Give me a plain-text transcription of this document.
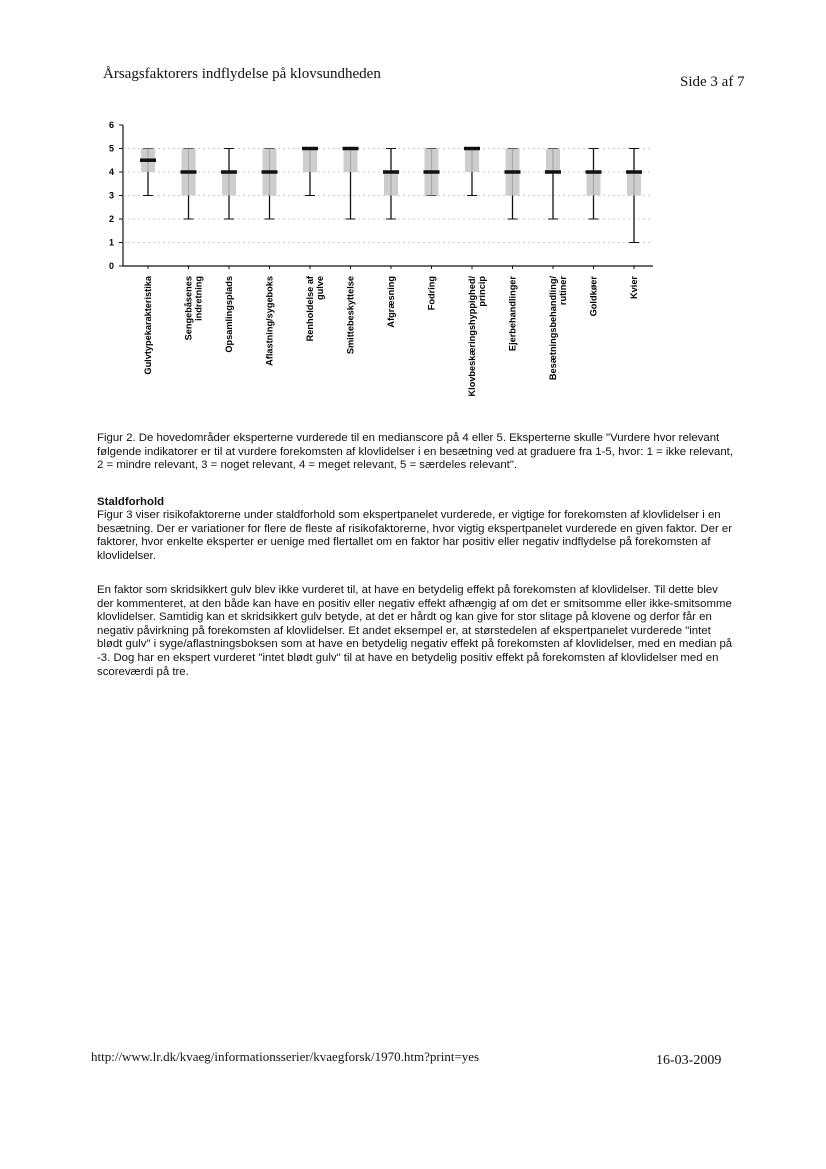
Årsagsfaktorers indflydelse på klovsundheden	Side 3 af 7
0
1
2
3
4
5
6
Gulvtypekarakteristika	Sengebåsenesindretning Opsamlingsplads	Aflastning/sygeboks	Renholdelse afgulve Smittebeskyttelse	Afgræsning	Fodring	Klovbeskæringshyppighed/princip Ejerbehandlinger	Besætningsbehandling/rutiner Goldkøer	Kvier
Figur 2. De hovedområder eksperterne vurderede til en medianscore på 4 eller 5. Eksperterne skulle "Vurdere hvor relevant følgende indikatorer er til at vurdere forekomsten af klovlidelser i en besætning ved at graduere fra 1-5, hvor: 1 = ikke relevant, 2 = mindre relevant, 3 = noget relevant, 4 = meget relevant, 5 = særdeles relevant".
Staldforhold

Figur 3 viser risikofaktorerne under staldforhold som ekspertpanelet vurderede, er vigtige for forekomsten af klovlidelser i en besætning. Der er variationer for flere de fleste af risikofaktorerne, hvor vigtig ekspertpanelet vurderede en given faktor. Der er faktorer, hvor enkelte eksperter er uenige med flertallet om en faktor har positiv eller negativ indflydelse på forekomsten af klovlidelser.

En faktor som skridsikkert gulv blev ikke vurderet til, at have en betydelig effekt på forekomsten af klovlidelser. Til dette blev der kommenteret, at den både kan have en positiv eller negativ effekt afhængig af om det er smitsomme eller ikke-smitsomme klovlidelser. Samtidig kan et skridsikkert gulv betyde, at det er hårdt og kan give for stor slitage på klovene og derfor får en negativ påvirkning på forekomsten af klovlidelser. Et andet eksempel er, at størstedelen af ekspertpanelet vurderede "intet blødt gulv" i syge/aflastningsboksen som at have en betydelig negativ effekt på forekomsten af klovlidelser, med en median på -3. Dog har en ekspert vurderet "intet blødt gulv" til at have en betydelig positiv effekt på forekomsten af klovlidelser med en scoreværdi på tre.

http://www.lr.dk/kvaeg/informationsserier/kvaegforsk/1970.htm?print=yes	16-03-2009
